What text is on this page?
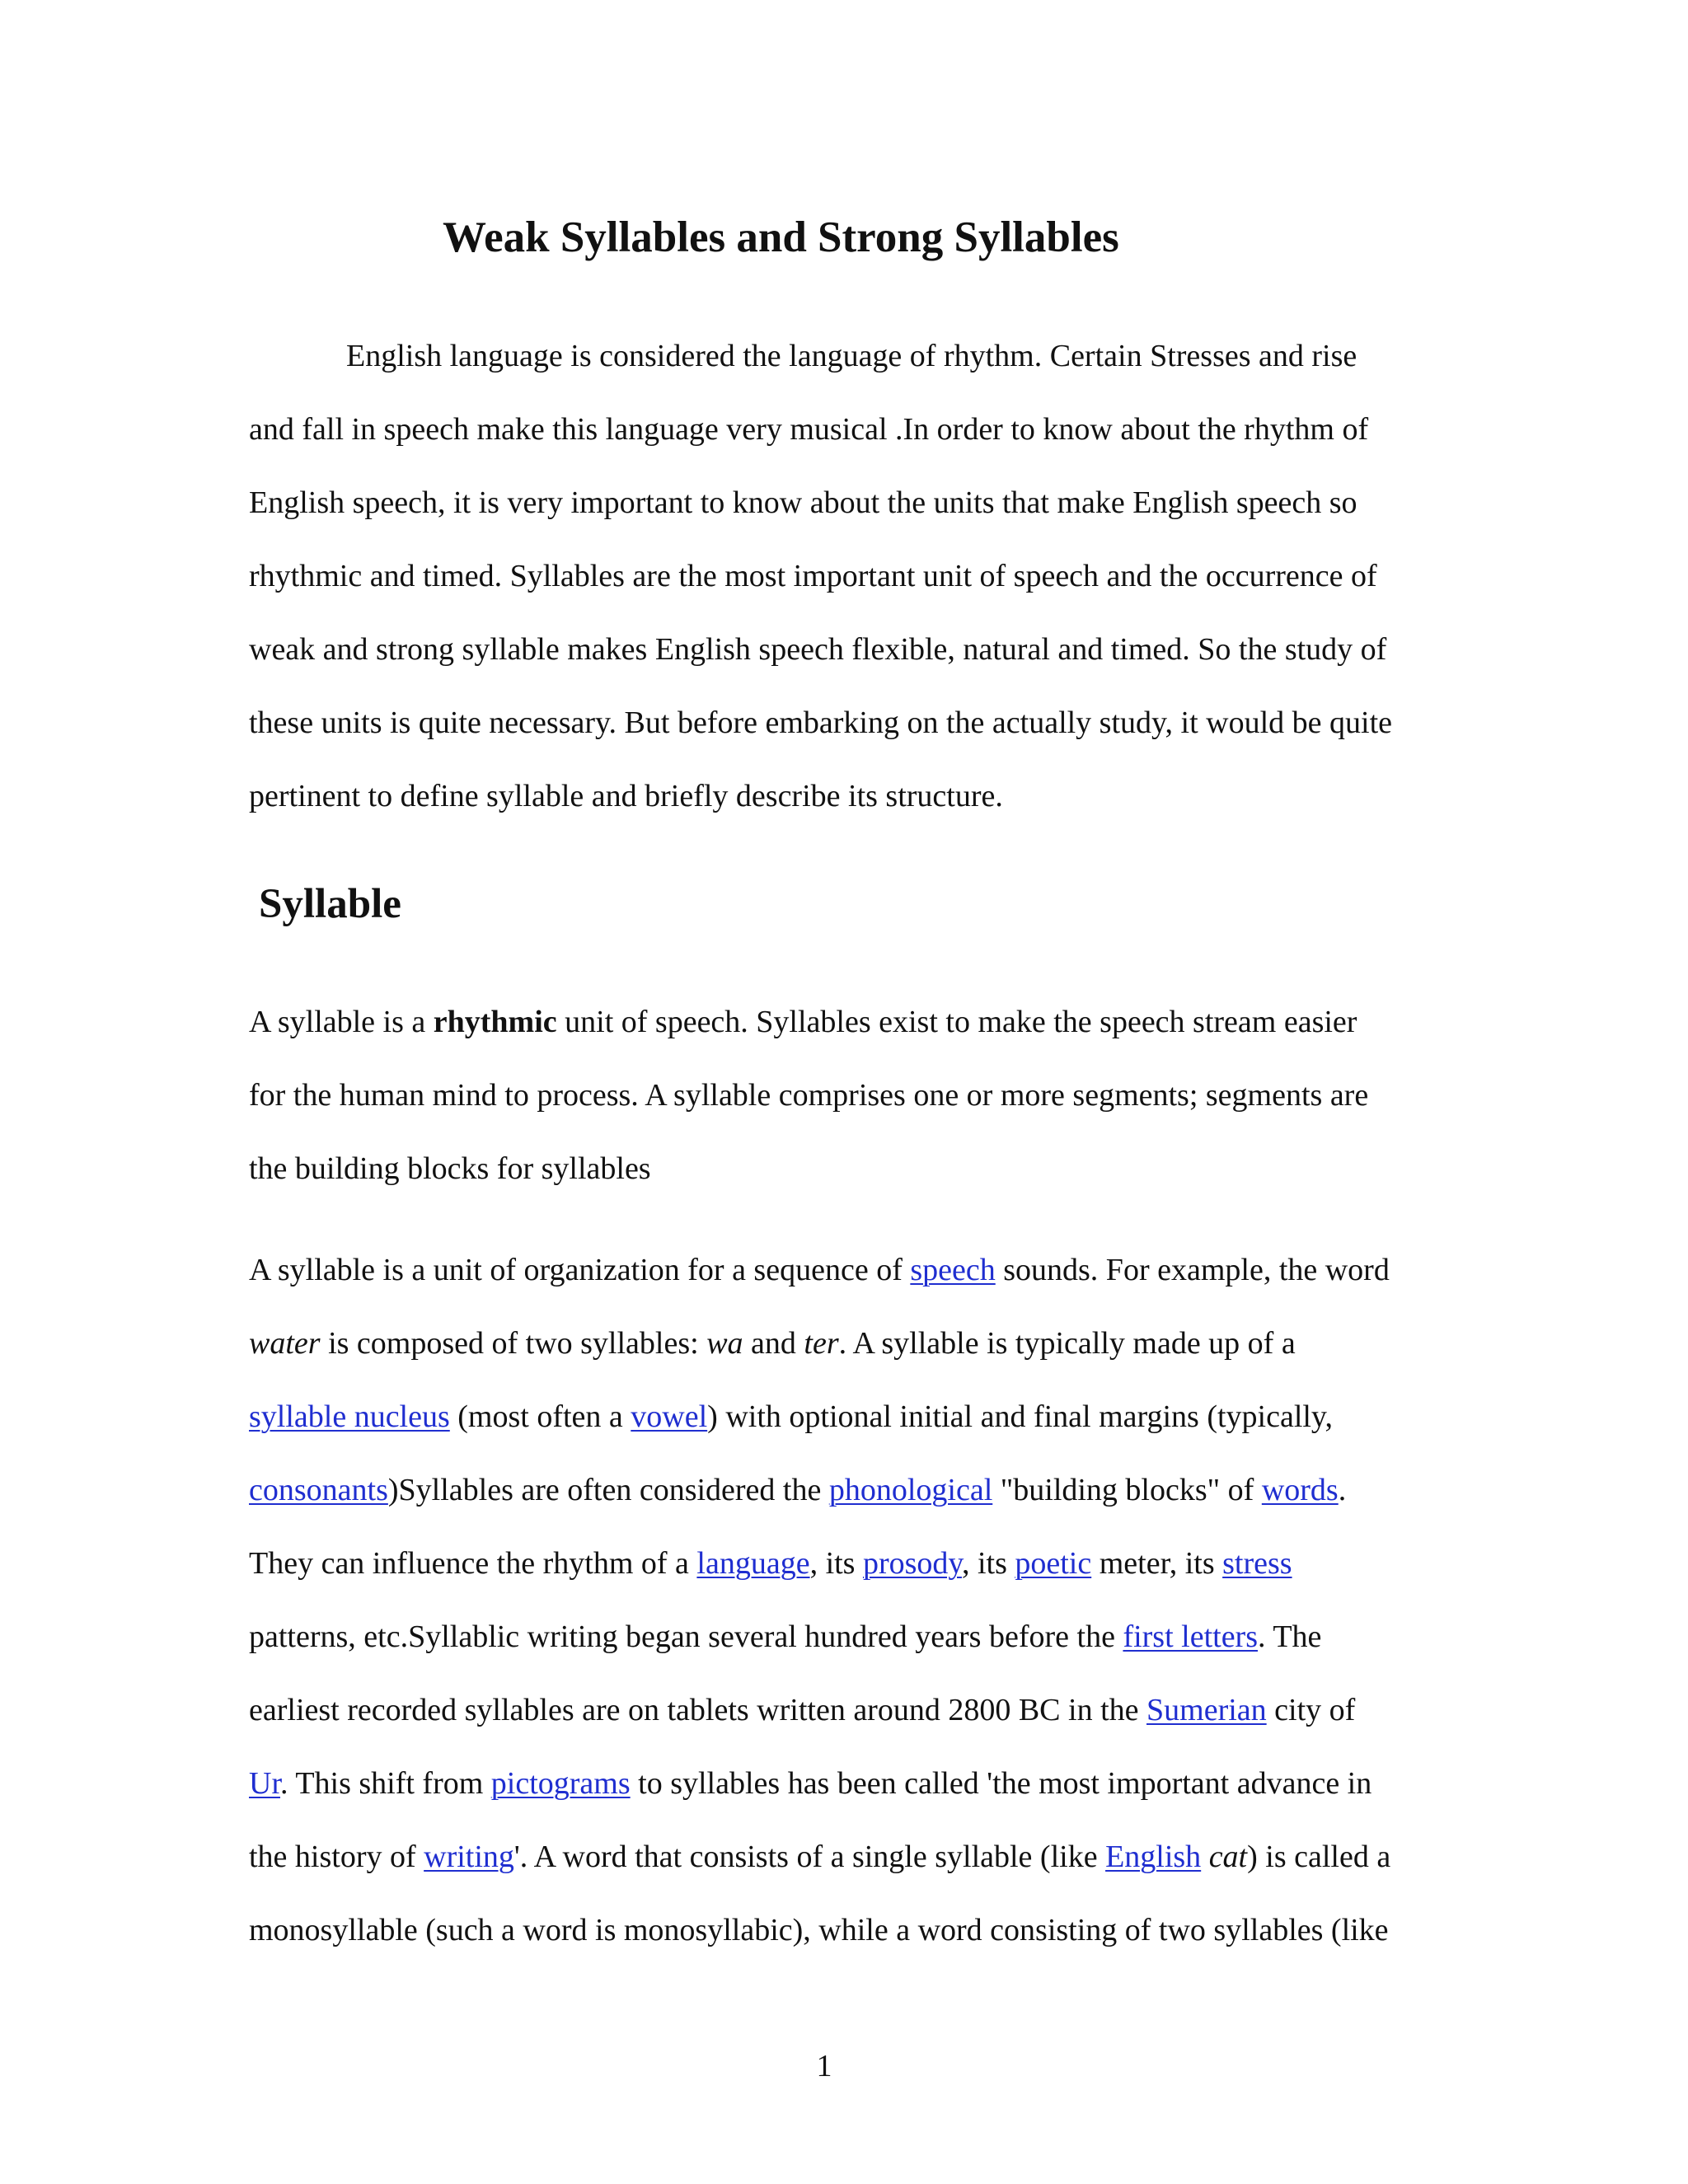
Weak Syllables and Strong Syllables
English language is considered the language of rhythm. Certain Stresses and rise
and fall in speech make this language very musical .In order to know about the rhythm of
English speech, it is very important to know about the units that make English speech so
rhythmic and timed. Syllables are the most important unit of speech and the occurrence of
weak and strong syllable makes English speech flexible, natural and timed. So the study of
these units is quite necessary. But before embarking on the actually study, it would be quite
pertinent to define syllable and briefly describe its structure.
Syllable
A syllable is a rhythmic unit of speech. Syllables exist to make the speech stream easier
for the human mind to process. A syllable comprises one or more segments; segments are
the building blocks for syllables
A syllable is a unit of organization for a sequence of speech sounds. For example, the word
water is composed of two syllables: wa and ter. A syllable is typically made up of a
syllable nucleus (most often a vowel) with optional initial and final margins (typically,
consonants)Syllables are often considered the phonological "building blocks" of words.
They can influence the rhythm of a language, its prosody, its poetic meter, its stress
patterns, etc.Syllablic writing began several hundred years before the first letters. The
earliest recorded syllables are on tablets written around 2800 BC in the Sumerian city of
Ur. This shift from pictograms to syllables has been called 'the most important advance in
the history of writing'. A word that consists of a single syllable (like English cat) is called a
monosyllable (such a word is monosyllabic), while a word consisting of two syllables (like
1
